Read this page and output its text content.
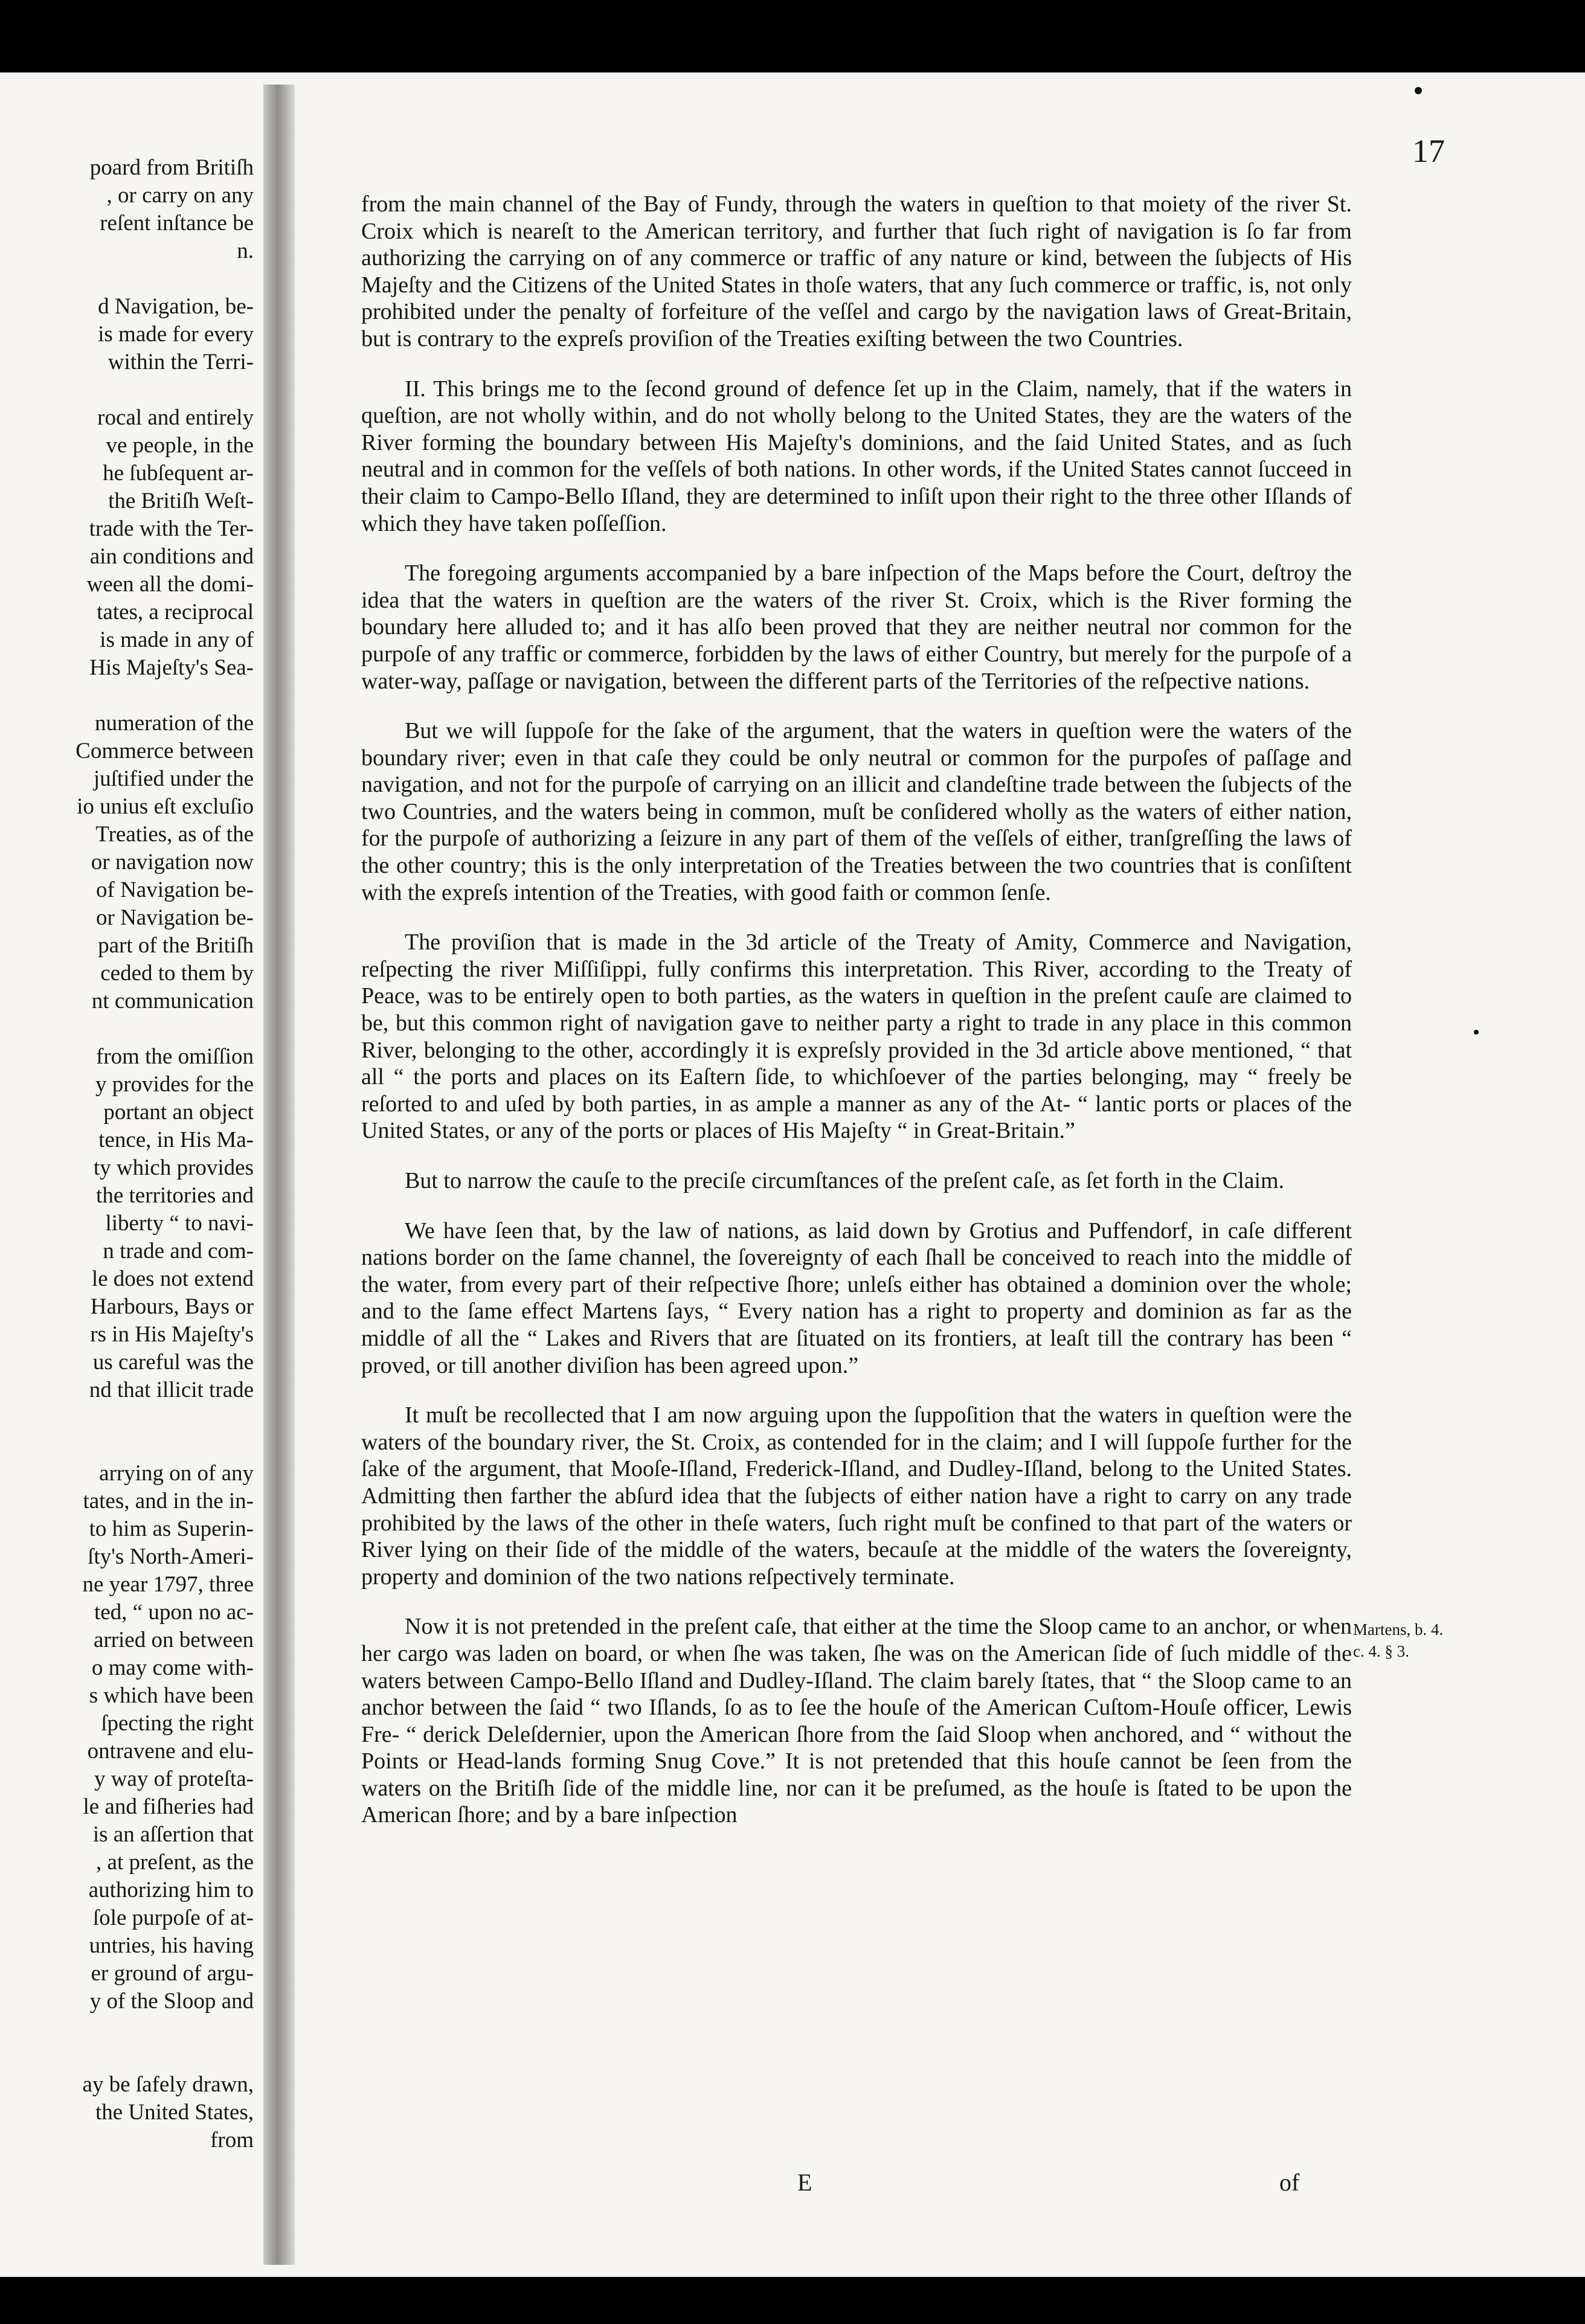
poard from Britiſh
, or carry on any
reſent inſtance be
n.
d Navigation, be-
is made for every
within the Terri-
rocal and entirely
ve people, in the
he ſubſequent ar-
the Britiſh Weſt-
trade with the Ter-
ain conditions and
ween all the domi-
tates, a reciprocal
is made in any of
His Majeſty's Sea-
numeration of the
Commerce between
juſtified under the
io unius eſt excluſio
Treaties, as of the
or navigation now
of Navigation be-
or Navigation be-
part of the Britiſh
ceded to them by
nt communication
from the omiſſion
y provides for the
portant an object
tence, in His Ma-
ty which provides
the territories and
liberty “ to navi-
n trade and com-
le does not extend
Harbours, Bays or
rs in His Majeſty's
us careful was the
nd that illicit trade
arrying on of any
tates, and in the in-
to him as Superin-
ſty's North-Ameri-
ne year 1797, three
ted, “ upon no ac-
arried on between
o may come with-
s which have been
ſpecting the right
ontravene and elu-
y way of proteſta-
le and fiſheries had
is an aſſertion that
, at preſent, as the
authorizing him to
ſole purpoſe of at-
untries, his having
er ground of argu-
y of the Sloop and
ay be ſafely drawn,
the United States,
from
17

from the main channel of the Bay of Fundy, through the waters in queſtion to that moiety of the river St. Croix which is neareſt to the American territory, and further that ſuch right of navigation is ſo far from authorizing the carrying on of any commerce or traffic of any nature or kind, between the ſubjects of His Majeſty and the Citizens of the United States in thoſe waters, that any ſuch commerce or traffic, is, not only prohibited under the penalty of forfeiture of the veſſel and cargo by the navigation laws of Great-Britain, but is contrary to the expreſs proviſion of the Treaties exiſting between the two Countries.

II. This brings me to the ſecond ground of defence ſet up in the Claim, namely, that if the waters in queſtion, are not wholly within, and do not wholly belong to the United States, they are the waters of the River forming the boundary between His Majeſty's dominions, and the ſaid United States, and as ſuch neutral and in common for the veſſels of both nations. In other words, if the United States cannot ſucceed in their claim to Campo-Bello Iſland, they are determined to inſiſt upon their right to the three other Iſlands of which they have taken poſſeſſion.

The foregoing arguments accompanied by a bare inſpection of the Maps before the Court, deſtroy the idea that the waters in queſtion are the waters of the river St. Croix, which is the River forming the boundary here alluded to; and it has alſo been proved that they are neither neutral nor common for the purpoſe of any traffic or commerce, forbidden by the laws of either Country, but merely for the purpoſe of a water-way, paſſage or navigation, between the different parts of the Territories of the reſpective nations.

But we will ſuppoſe for the ſake of the argument, that the waters in queſtion were the waters of the boundary river; even in that caſe they could be only neutral or common for the purpoſes of paſſage and navigation, and not for the purpoſe of carrying on an illicit and clandeſtine trade between the ſubjects of the two Countries, and the waters being in common, muſt be conſidered wholly as the waters of either nation, for the purpoſe of authorizing a ſeizure in any part of them of the veſſels of either, tranſgreſſing the laws of the other country; this is the only interpretation of the Treaties between the two countries that is conſiſtent with the expreſs intention of the Treaties, with good faith or common ſenſe.

The proviſion that is made in the 3d article of the Treaty of Amity, Commerce and Navigation, reſpecting the river Miſſiſippi, fully confirms this interpretation. This River, according to the Treaty of Peace, was to be entirely open to both parties, as the waters in queſtion in the preſent cauſe are claimed to be, but this common right of navigation gave to neither party a right to trade in any place in this common River, belonging to the other, accordingly it is expreſsly provided in the 3d article above mentioned, “ that all “ the ports and places on its Eaſtern ſide, to whichſoever of the parties belonging, may “ freely be reſorted to and uſed by both parties, in as ample a manner as any of the At- “ lantic ports or places of the United States, or any of the ports or places of His Majeſty “ in Great-Britain.”

But to narrow the cauſe to the preciſe circumſtances of the preſent caſe, as ſet forth in the Claim.

We have ſeen that, by the law of nations, as laid down by Grotius and Puffendorf, in caſe different nations border on the ſame channel, the ſovereignty of each ſhall be conceived to reach into the middle of the water, from every part of their reſpective ſhore; unleſs either has obtained a dominion over the whole; and to the ſame effect Martens ſays, “ Every nation has a right to property and dominion as far as the middle of all the “ Lakes and Rivers that are ſituated on its frontiers, at leaſt till the contrary has been “ proved, or till another diviſion has been agreed upon.”

It muſt be recollected that I am now arguing upon the ſuppoſition that the waters in queſtion were the waters of the boundary river, the St. Croix, as contended for in the claim; and I will ſuppoſe further for the ſake of the argument, that Mooſe-Iſland, Frederick-Iſland, and Dudley-Iſland, belong to the United States. Admitting then farther the abſurd idea that the ſubjects of either nation have a right to carry on any trade prohibited by the laws of the other in theſe waters, ſuch right muſt be confined to that part of the waters or River lying on their ſide of the middle of the waters, becauſe at the middle of the waters the ſovereignty, property and dominion of the two nations reſpectively terminate.

Now it is not pretended in the preſent caſe, that either at the time the Sloop came to an anchor, or when her cargo was laden on board, or when ſhe was taken, ſhe was on the American ſide of ſuch middle of the waters between Campo-Bello Iſland and Dudley-Iſland. The claim barely ſtates, that “ the Sloop came to an anchor between the ſaid “ two Iſlands, ſo as to ſee the houſe of the American Cuſtom-Houſe officer, Lewis Fre- “ derick Deleſdernier, upon the American ſhore from the ſaid Sloop when anchored, and “ without the Points or Head-lands forming Snug Cove.” It is not pretended that this houſe cannot be ſeen from the waters on the Britiſh ſide of the middle line, nor can it be preſumed, as the houſe is ſtated to be upon the American ſhore; and by a bare inſpection

Martens, b. 4. c. 4. § 3.
E	of
